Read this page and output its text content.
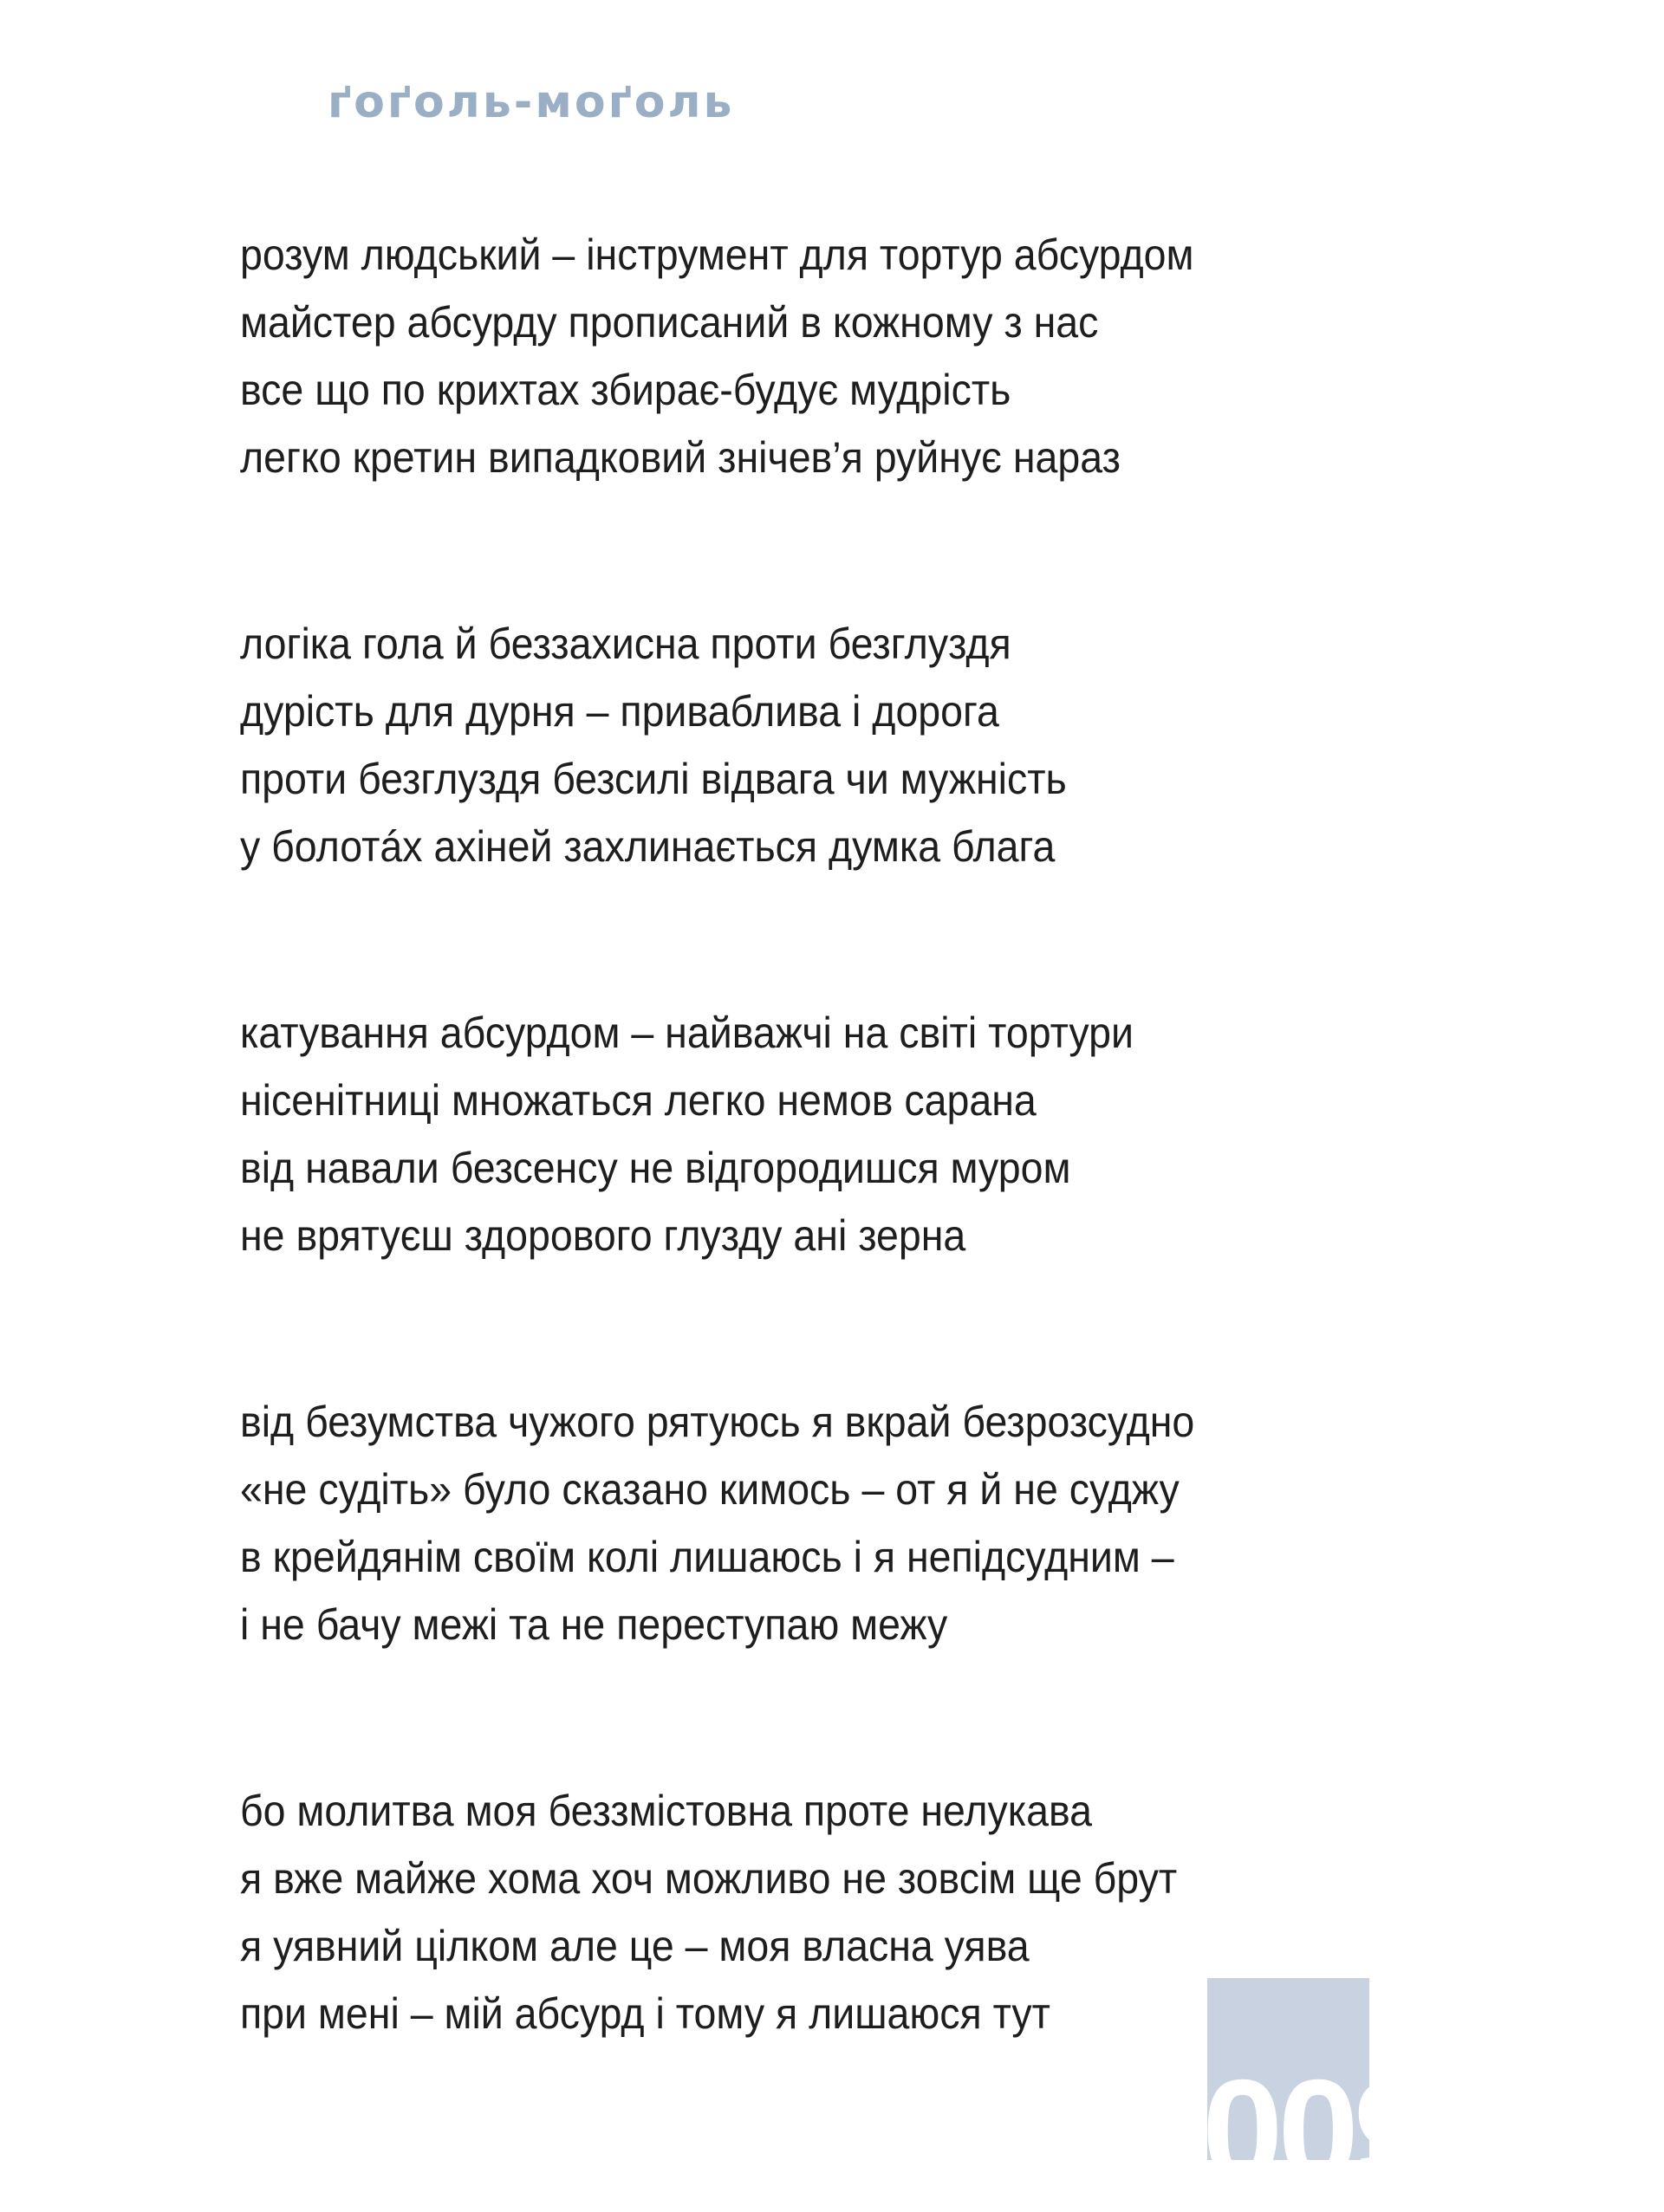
ґоґоль-моґоль
розум людський – інструмент для тортур абсурдом
майстер абсурду прописаний в кожному з нас
все що по крихтах збирає-будує мудрість
легко кретин випадковий знічев’я руйнує нараз
логіка гола й беззахисна проти безглуздя
дурість для дурня – приваблива і дорога
проти безглуздя безсилі відвага чи мужність
у болотáх ахіней захлинається думка блага
катування абсурдом – найважчі на світі тортури
нісенітниці множаться легко немов сарана
від навали безсенсу не відгородишся муром
не врятуєш здорового глузду ані зерна
від безумства чужого рятуюсь я вкрай безрозсудно
«не судіть» було сказано кимось – от я й не суджу
в крейдянім своїм колі лишаюсь і я непідсудним –
і не бачу межі та не переступаю межу
бо молитва моя беззмістовна проте нелукава
я вже майже хома хоч можливо не зовсім ще брут
я уявний цілком але це – моя власна уява
при мені – мій абсурд і тому я лишаюся тут
009
